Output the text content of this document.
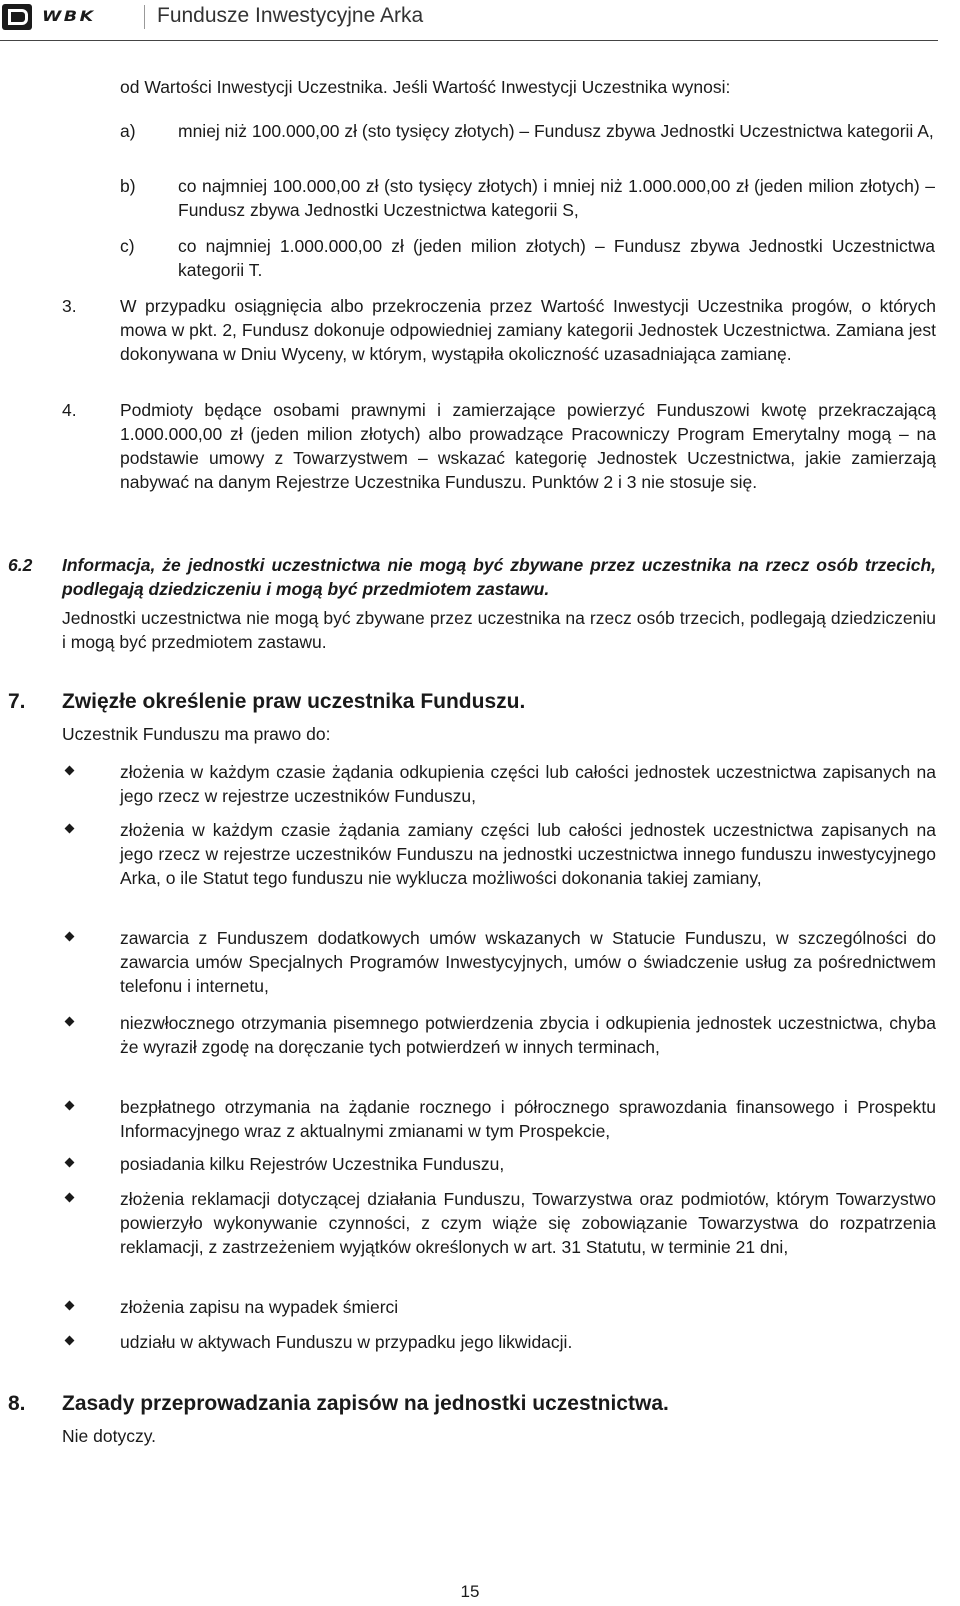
WBK	Fundusze Inwestycyjne Arka

od Wartości Inwestycji Uczestnika. Jeśli Wartość Inwestycji Uczestnika wynosi:

a) mniej niż 100.000,00 zł (sto tysięcy złotych) – Fundusz zbywa Jednostki Uczestnictwa kategorii A,

b) co najmniej 100.000,00 zł (sto tysięcy złotych) i mniej niż 1.000.000,00 zł (jeden milion złotych) – Fundusz zbywa Jednostki Uczestnictwa kategorii S,

c) co najmniej 1.000.000,00 zł (jeden milion złotych) – Fundusz zbywa Jednostki Uczestnictwa kategorii T.

3. W przypadku osiągnięcia albo przekroczenia przez Wartość Inwestycji Uczestnika progów, o których mowa w pkt. 2, Fundusz dokonuje odpowiedniej zamiany kategorii Jednostek Uczestnictwa. Zamiana jest dokonywana w Dniu Wyceny, w którym, wystąpiła okoliczność uzasadniająca zamianę.

4. Podmioty będące osobami prawnymi i zamierzające powierzyć Funduszowi kwotę przekraczającą 1.000.000,00 zł (jeden milion złotych) albo prowadzące Pracowniczy Program Emerytalny mogą – na podstawie umowy z Towarzystwem – wskazać kategorię Jednostek Uczestnictwa, jakie zamierzają nabywać na danym Rejestrze Uczestnika Funduszu. Punktów 2 i 3 nie stosuje się.

6.2 Informacja, że jednostki uczestnictwa nie mogą być zbywane przez uczestnika na rzecz osób trzecich, podlegają dziedziczeniu i mogą być przedmiotem zastawu.

Jednostki uczestnictwa nie mogą być zbywane przez uczestnika na rzecz osób trzecich, podlegają dziedziczeniu i mogą być przedmiotem zastawu.

7. Zwięzłe określenie praw uczestnika Funduszu.

Uczestnik Funduszu ma prawo do:

złożenia w każdym czasie żądania odkupienia części lub całości jednostek uczestnictwa zapisanych na jego rzecz w rejestrze uczestników Funduszu,

złożenia w każdym czasie żądania zamiany części lub całości jednostek uczestnictwa zapisanych na jego rzecz w rejestrze uczestników Funduszu na jednostki uczestnictwa innego funduszu inwestycyjnego Arka, o ile Statut tego funduszu nie wyklucza możliwości dokonania takiej zamiany,

zawarcia z Funduszem dodatkowych umów wskazanych w Statucie Funduszu, w szczególności do zawarcia umów Specjalnych Programów Inwestycyjnych, umów o świadczenie usług za pośrednictwem telefonu i internetu,

niezwłocznego otrzymania pisemnego potwierdzenia zbycia i odkupienia jednostek uczestnictwa, chyba że wyraził zgodę na doręczanie tych potwierdzeń w innych terminach,

bezpłatnego otrzymania na żądanie rocznego i półrocznego sprawozdania finansowego i Prospektu Informacyjnego wraz z aktualnymi zmianami w tym Prospekcie,

posiadania kilku Rejestrów Uczestnika Funduszu,

złożenia reklamacji dotyczącej działania Funduszu, Towarzystwa oraz podmiotów, którym Towarzystwo powierzyło wykonywanie czynności, z czym wiąże się zobowiązanie Towarzystwa do rozpatrzenia reklamacji, z zastrzeżeniem wyjątków określonych w art. 31 Statutu, w terminie 21 dni,

złożenia zapisu na wypadek śmierci

udziału w aktywach Funduszu w przypadku jego likwidacji.

8. Zasady przeprowadzania zapisów na jednostki uczestnictwa.

Nie dotyczy.

15
